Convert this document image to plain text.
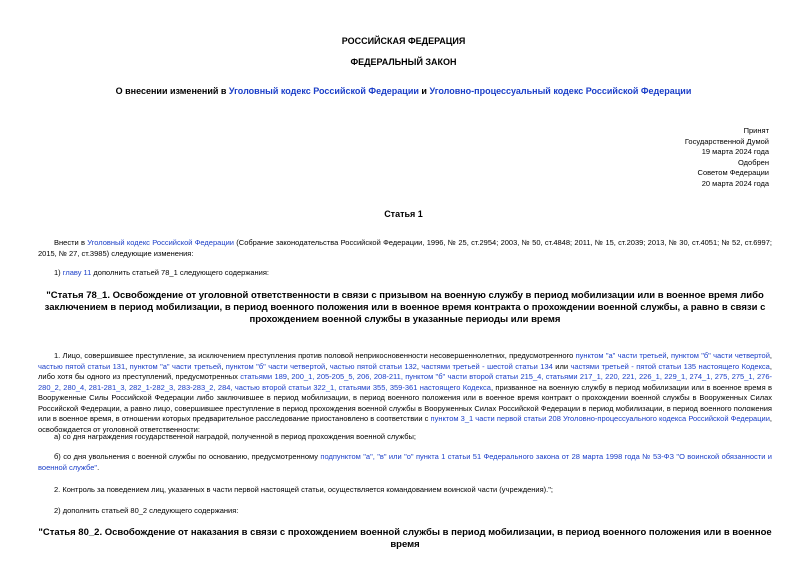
РОССИЙСКАЯ ФЕДЕРАЦИЯ
ФЕДЕРАЛЬНЫЙ ЗАКОН
О внесении изменений в Уголовный кодекс Российской Федерации и Уголовно-процессуальный кодекс Российской Федерации
Принят
Государственной Думой
19 марта 2024 года
Одобрен
Советом Федерации
20 марта 2024 года
Статья 1
Внести в Уголовный кодекс Российской Федерации (Собрание законодательства Российской Федерации, 1996, № 25, ст.2954; 2003, № 50, ст.4848; 2011, № 15, ст.2039; 2013, № 30, ст.4051; № 52, ст.6997; 2015, № 27, ст.3985) следующие изменения:
1) главу 11 дополнить статьей 78_1 следующего содержания:
"Статья 78_1. Освобождение от уголовной ответственности в связи с призывом на военную службу в период мобилизации или в военное время либо заключением в период мобилизации, в период военного положения или в военное время контракта о прохождении военной службы, а равно в связи с прохождением военной службы в указанные периоды или время
1. Лицо, совершившее преступление, за исключением преступления против половой неприкосновенности несовершеннолетних, предусмотренного пунктом "а" части третьей, пунктом "б" части четвертой, частью пятой статьи 131, пунктом "а" части третьей, пунктом "б" части четвертой, частью пятой статьи 132, частями третьей - шестой статьи 134 или частями третьей - пятой статьи 135 настоящего Кодекса, либо хотя бы одного из преступлений, предусмотренных статьями 189, 200_1, 205-205_5, 206, 208-211, пунктом "б" части второй статьи 215_4, статьями 217_1, 220, 221, 226_1, 229_1, 274_1, 275, 275_1, 276-280_2, 280_4, 281-281_3, 282_1-282_3, 283-283_2, 284, частью второй статьи 322_1, статьями 355, 359-361 настоящего Кодекса, призванное на военную службу в период мобилизации или в военное время в Вооруженные Силы Российской Федерации либо заключившее в период мобилизации, в период военного положения или в военное время контракт о прохождении военной службы в Вооруженных Силах Российской Федерации, а равно лицо, совершившее преступление в период прохождения военной службы в Вооруженных Силах Российской Федерации в период мобилизации, в период военного положения или в военное время, в отношении которых предварительное расследование приостановлено в соответствии с пунктом 3_1 части первой статьи 208 Уголовно-процессуального кодекса Российской Федерации, освобождается от уголовной ответственности:
а) со дня награждения государственной наградой, полученной в период прохождения военной службы;
б) со дня увольнения с военной службы по основанию, предусмотренному подпунктом "а", "в" или "о" пункта 1 статьи 51 Федерального закона от 28 марта 1998 года № 53-ФЗ "О воинской обязанности и военной службе".
2. Контроль за поведением лиц, указанных в части первой настоящей статьи, осуществляется командованием воинской части (учреждения).";
2) дополнить статьей 80_2 следующего содержания:
"Статья 80_2. Освобождение от наказания в связи с прохождением военной службы в период мобилизации, в период военного положения или в военное время
